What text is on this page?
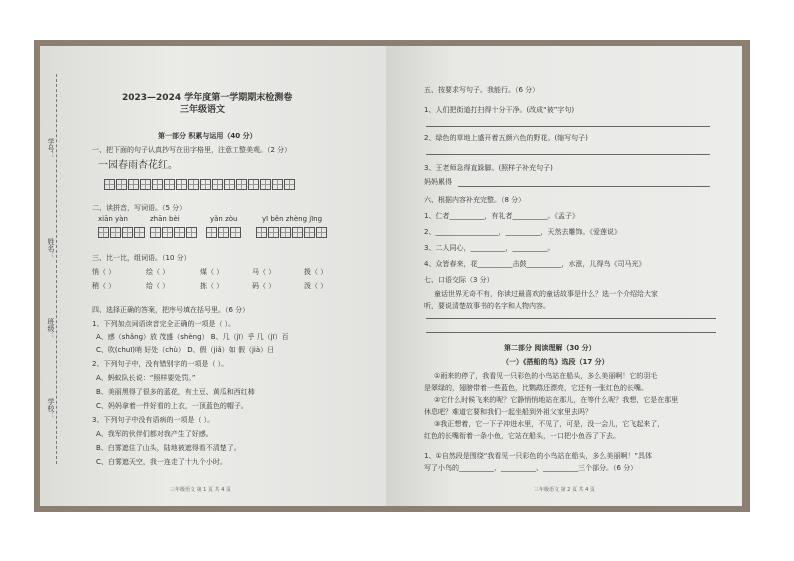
学号：
姓名：
班级：
学校：
2023—2024 学年度第一学期期末检测卷
三年级语文
第一部分 积累与运用（40 分）
一、把下面的句子认真抄写在田字格里，注意工整美观。（2 分）
一园春雨杏花红。
二、读拼音，写词语。（5 分）
xiān yàn	zhān bèi	yǎn zòu	yī běn zhèng jīng
三、比一比，组词语。（10 分）
悄（ ）	绘（ ）	煤（ ）	马（ ）	拨（ ）
稍（ ）	给（ ）	拣（ ）	码（ ）	泼（ ）
四、选择正确的答案，把序号填在括号里。（6 分）
1、下列加点词语读音完全正确的一项是（ ）。
A、感（shǎng）放 茂盛（shèng） B、几（jī）乎 几（jī）百
C、吹(chuī)哨 好处（chù） D、假（jiǎ）如 假（jià）日
2、下列句子中，没有错别字的一项是（ ）。
A、蚂蚁队长说：“照样要处罚。”
B、美丽黑得了很多的蓝花，有土豆、黄瓜和西红柿
C、妈妈拿着一件好看的上衣，一顶蓝色的帽子。
3、下列句子中没有语病的一项是（ ）。
A、我军的伙伴们都对我产生了好感。
B、白雾遮住了山头，陆地被遮得看不清楚了。
C、白雾遮天空，我一连走了十九个小时。
三年级语文 第 1 页 共 4 页
五、按要求写句子。我能行。（6 分）
1、人们把街道打扫得十分干净。(改成“被”字句)
2、绿色的草地上盛开着五颜六色的野花。(缩写句子)
3、王老师急得直跺脚。(照样子补充句子)
妈妈累得
六、根据内容补充完整。（8 分）
1、仁者__________，有礼者__________。《孟子》
2、__________________，__________，天然去雕饰。《爱莲说》
3、二人同心，__________，__________。
4、众皆春来，花__________击鼓__________，水涨，儿得鸟《司马光》
七、口语交际（3 分）
童话世界无奇不有，你读过最喜欢的童话故事是什么？选一个介绍给大家
听，要说清楚故事书的名字和人物内容。
第二部分 阅读理解（30 分）
（一）《搭船的鸟》选段（17 分）
①雨来的停了，我看见一只彩色的小鸟站在船头，多么美丽啊！它的羽毛
是翠绿的，翅膀带着一些蓝色，比鹦鹉还漂亮，它还有一张红色的长嘴。
②它什么时候飞来的呢？它静悄悄地站在那儿，在等什么呢？我想，它是在那里
休息吧？难道它要和我们一起坐船到外祖父家里去吗？
③我正想着，它一下子冲进水里，不见了，可是，没一会儿，它飞起来了，
红色的长嘴衔着一条小鱼，它站在船头，一口把小鱼吞了下去。
1、①自然段是围绕“我看见一只彩色的小鸟站在船头，多么美丽啊！”具体
写了小鸟的__________、__________、__________三个部分。（6 分）
三年级语文 第 2 页 共 4 页
